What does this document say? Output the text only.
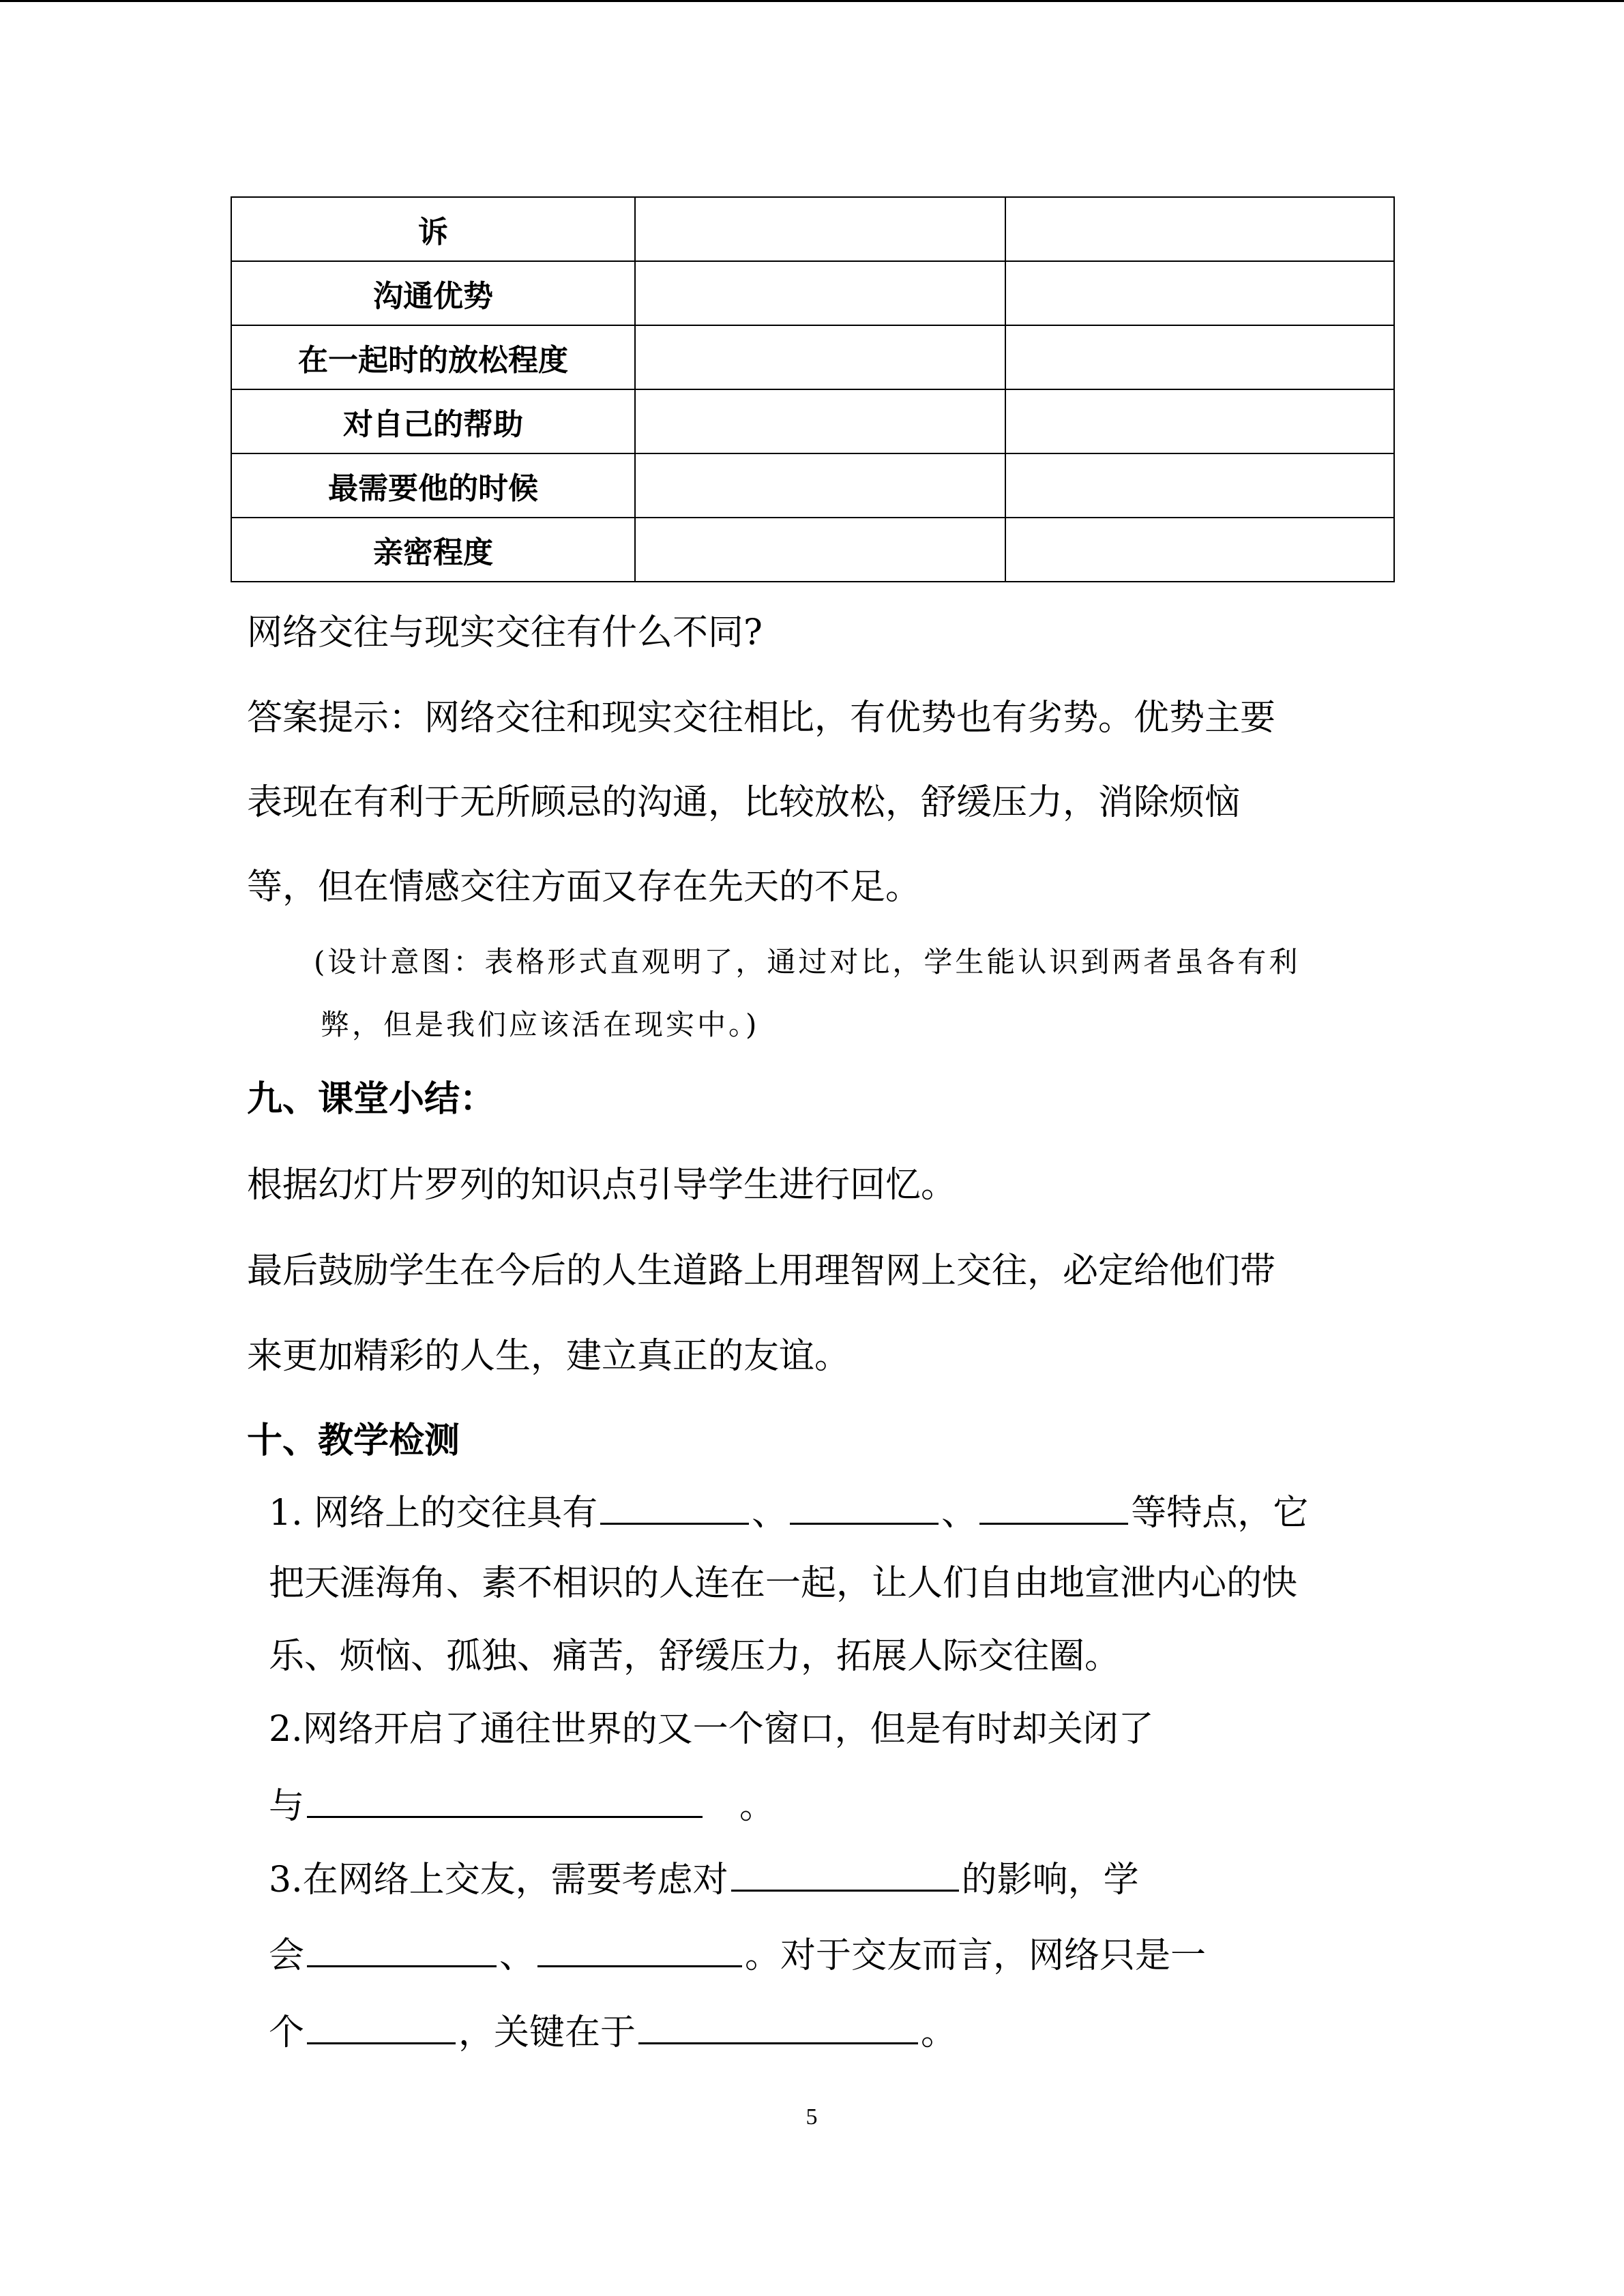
诉		
沟通优势		
在一起时的放松程度		
对自己的帮助		
最需要他的时候		
亲密程度		
网络交往与现实交往有什么不同?
答案提示：网络交往和现实交往相比，有优势也有劣势。优势主要
表现在有利于无所顾忌的沟通，比较放松，舒缓压力，消除烦恼
等，但在情感交往方面又存在先天的不足。
(设计意图：表格形式直观明了，通过对比，学生能认识到两者虽各有利
弊，但是我们应该活在现实中。)
九、课堂小结：
根据幻灯片罗列的知识点引导学生进行回忆。
最后鼓励学生在今后的人生道路上用理智网上交往，必定给他们带
来更加精彩的人生，建立真正的友谊。
十、教学检测
1. 网络上的交往具有	、	、	等特点，它
把天涯海角、素不相识的人连在一起，让人们自由地宣泄内心的快
乐、烦恼、孤独、痛苦，舒缓压力，拓展人际交往圈。
2.网络开启了通往世界的又一个窗口，但是有时却关闭了
与	。
3.在网络上交友，需要考虑对	的影响，学
会	、	。对于交友而言，网络只是一
个	，关键在于	。
5
